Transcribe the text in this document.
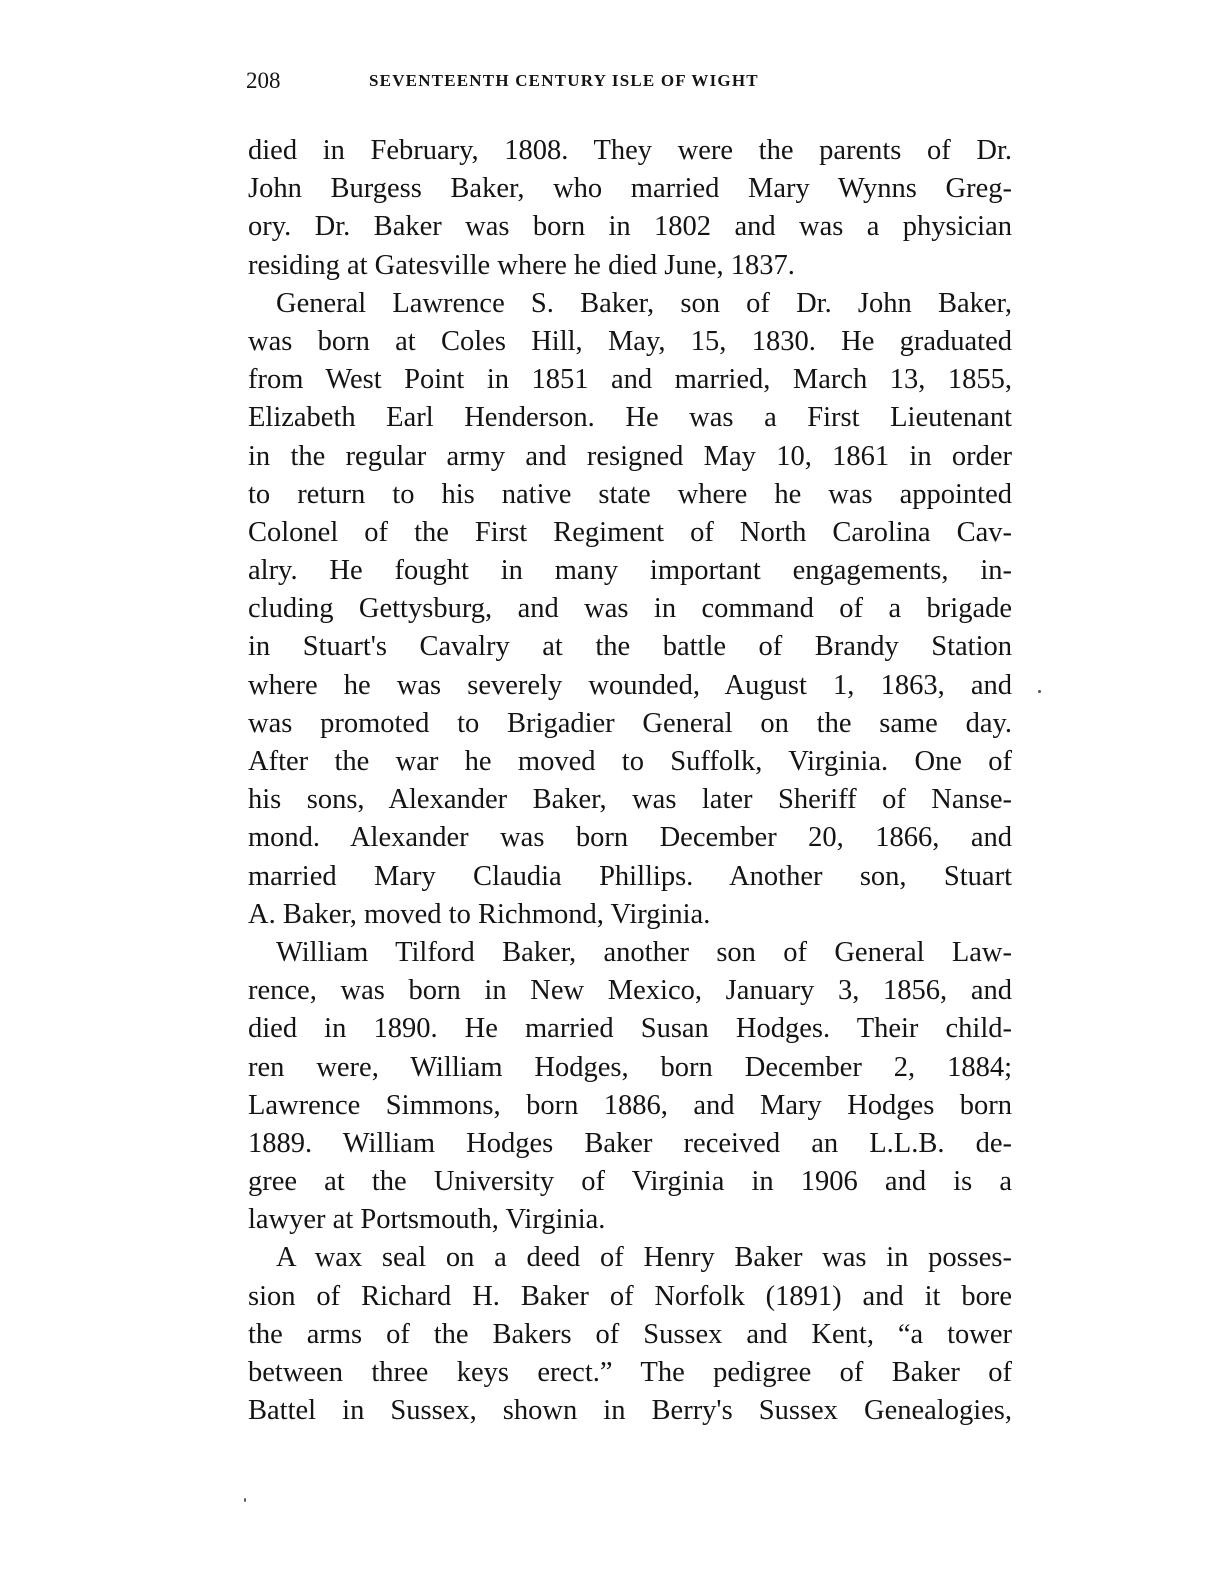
208	SEVENTEENTH CENTURY ISLE OF WIGHT
died in February, 1808. They were the parents of Dr.
John Burgess Baker, who married Mary Wynns Greg-
ory. Dr. Baker was born in 1802 and was a physician
residing at Gatesville where he died June, 1837.
General Lawrence S. Baker, son of Dr. John Baker,
was born at Coles Hill, May, 15, 1830. He graduated
from West Point in 1851 and married, March 13, 1855,
Elizabeth Earl Henderson. He was a First Lieutenant
in the regular army and resigned May 10, 1861 in order
to return to his native state where he was appointed
Colonel of the First Regiment of North Carolina Cav-
alry. He fought in many important engagements, in-
cluding Gettysburg, and was in command of a brigade
in Stuart's Cavalry at the battle of Brandy Station
where he was severely wounded, August 1, 1863, and
was promoted to Brigadier General on the same day.
After the war he moved to Suffolk, Virginia. One of
his sons, Alexander Baker, was later Sheriff of Nanse-
mond. Alexander was born December 20, 1866, and
married Mary Claudia Phillips. Another son, Stuart
A. Baker, moved to Richmond, Virginia.
William Tilford Baker, another son of General Law-
rence, was born in New Mexico, January 3, 1856, and
died in 1890. He married Susan Hodges. Their child-
ren were, William Hodges, born December 2, 1884;
Lawrence Simmons, born 1886, and Mary Hodges born
1889. William Hodges Baker received an L.L.B. de-
gree at the University of Virginia in 1906 and is a
lawyer at Portsmouth, Virginia.
A wax seal on a deed of Henry Baker was in posses-
sion of Richard H. Baker of Norfolk (1891) and it bore
the arms of the Bakers of Sussex and Kent, “a tower
between three keys erect.” The pedigree of Baker of
Battel in Sussex, shown in Berry's Sussex Genealogies,
